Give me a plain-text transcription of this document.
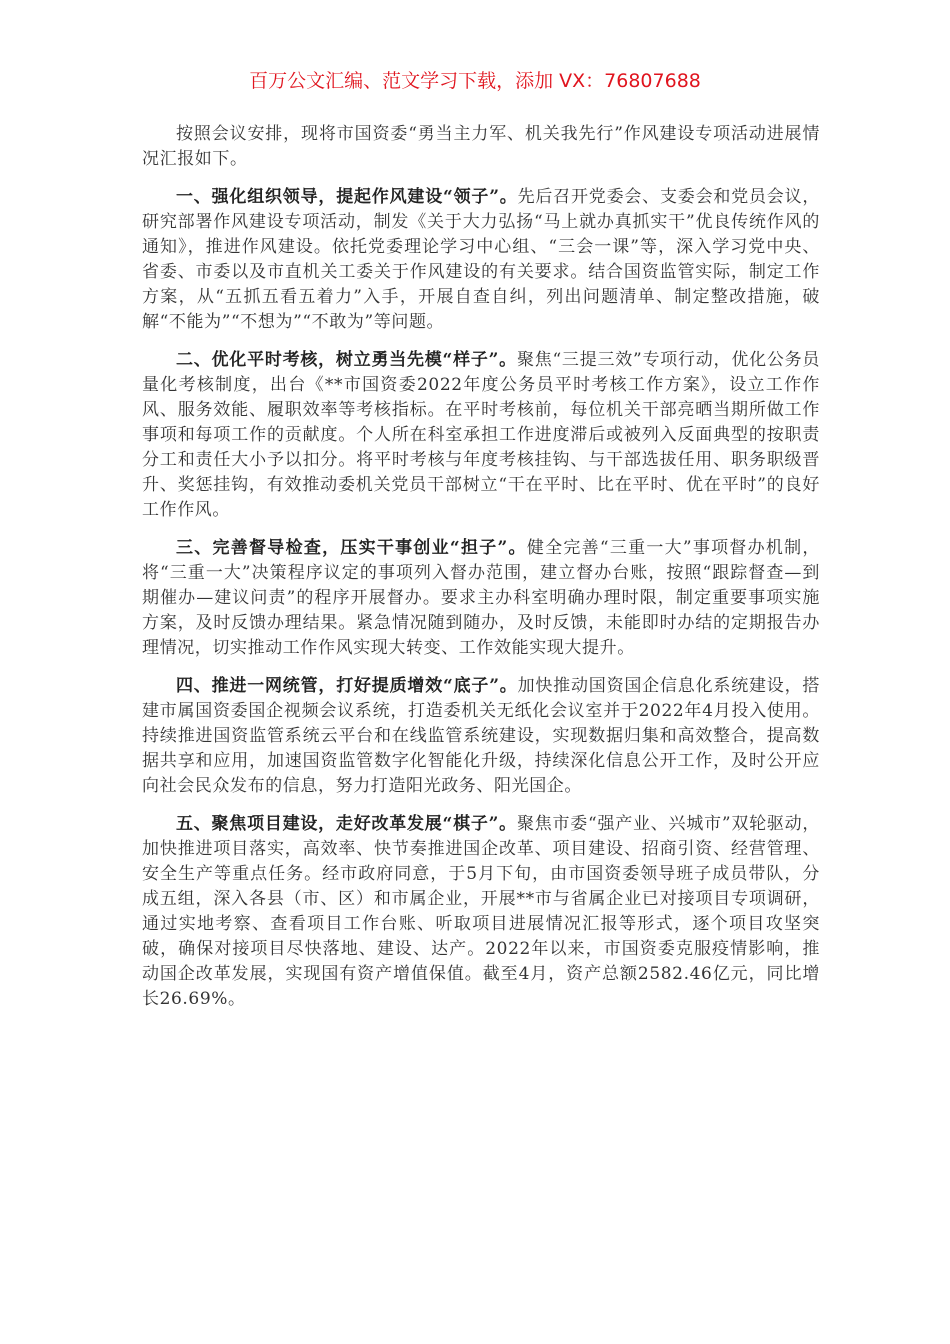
百万公文汇编、范文学习下载，添加 VX：76807688

按照会议安排，现将市国资委“勇当主力军、机关我先行”作风建设专项活动进展情况汇报如下。

一、强化组织领导，提起作风建设“领子”。先后召开党委会、支委会和党员会议，研究部署作风建设专项活动，制发《关于大力弘扬“马上就办真抓实干”优良传统作风的通知》，推进作风建设。依托党委理论学习中心组、“三会一课”等，深入学习党中央、省委、市委以及市直机关工委关于作风建设的有关要求。结合国资监管实际，制定工作方案，从“五抓五看五着力”入手，开展自查自纠，列出问题清单、制定整改措施，破解“不能为”“不想为”“不敢为”等问题。

二、优化平时考核，树立勇当先模“样子”。聚焦“三提三效”专项行动，优化公务员量化考核制度，出台《**市国资委2022年度公务员平时考核工作方案》，设立工作作风、服务效能、履职效率等考核指标。在平时考核前，每位机关干部亮晒当期所做工作事项和每项工作的贡献度。个人所在科室承担工作进度滞后或被列入反面典型的按职责分工和责任大小予以扣分。将平时考核与年度考核挂钩、与干部选拔任用、职务职级晋升、奖惩挂钩，有效推动委机关党员干部树立“干在平时、比在平时、优在平时”的良好工作作风。

三、完善督导检查，压实干事创业“担子”。健全完善“三重一大”事项督办机制，将“三重一大”决策程序议定的事项列入督办范围，建立督办台账，按照“跟踪督查—到期催办—建议问责”的程序开展督办。要求主办科室明确办理时限，制定重要事项实施方案，及时反馈办理结果。紧急情况随到随办，及时反馈，未能即时办结的定期报告办理情况，切实推动工作作风实现大转变、工作效能实现大提升。

四、推进一网统管，打好提质增效“底子”。加快推动国资国企信息化系统建设，搭建市属国资委国企视频会议系统，打造委机关无纸化会议室并于2022年4月投入使用。持续推进国资监管系统云平台和在线监管系统建设，实现数据归集和高效整合，提高数据共享和应用，加速国资监管数字化智能化升级，持续深化信息公开工作，及时公开应向社会民众发布的信息，努力打造阳光政务、阳光国企。

五、聚焦项目建设，走好改革发展“棋子”。聚焦市委“强产业、兴城市”双轮驱动，加快推进项目落实，高效率、快节奏推进国企改革、项目建设、招商引资、经营管理、安全生产等重点任务。经市政府同意，于5月下旬，由市国资委领导班子成员带队，分成五组，深入各县（市、区）和市属企业，开展**市与省属企业已对接项目专项调研，通过实地考察、查看项目工作台账、听取项目进展情况汇报等形式，逐个项目攻坚突破，确保对接项目尽快落地、建设、达产。2022年以来，市国资委克服疫情影响，推动国企改革发展，实现国有资产增值保值。截至4月，资产总额2582.46亿元，同比增长26.69%。
